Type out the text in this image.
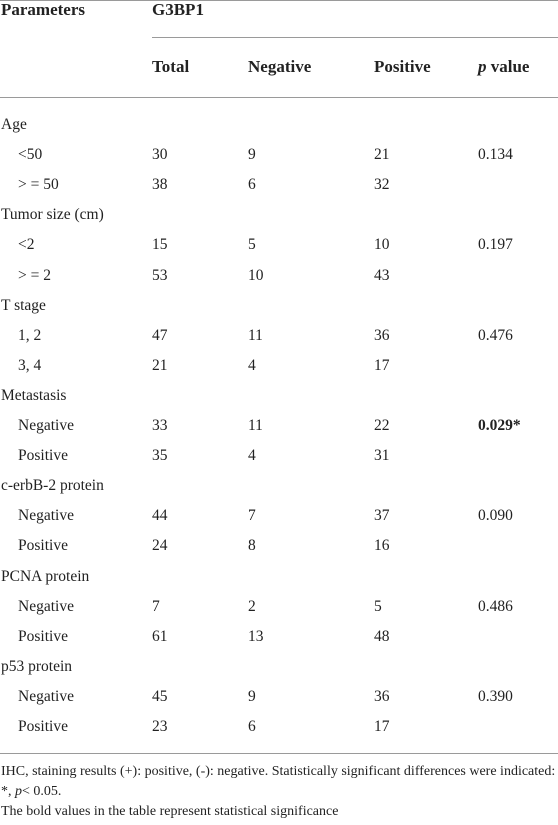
Parameters	G3BP1
Total	Negative	Positive	p value
Age
<50	30	9	21	0.134
> = 50	38	6	32
Tumor size (cm)
<2	15	5	10	0.197
> = 2	53	10	43
T stage
1, 2	47	11	36	0.476
3, 4	21	4	17
Metastasis
Negative	33	11	22	0.029*
Positive	35	4	31
c-erbB-2 protein
Negative	44	7	37	0.090
Positive	24	8	16
PCNA protein
Negative	7	2	5	0.486
Positive	61	13	48
p53 protein
Negative	45	9	36	0.390
Positive	23	6	17
IHC, staining results (+): positive, (-): negative. Statistically significant differences were indicated: *, p< 0.05.
The bold values in the table represent statistical significance
